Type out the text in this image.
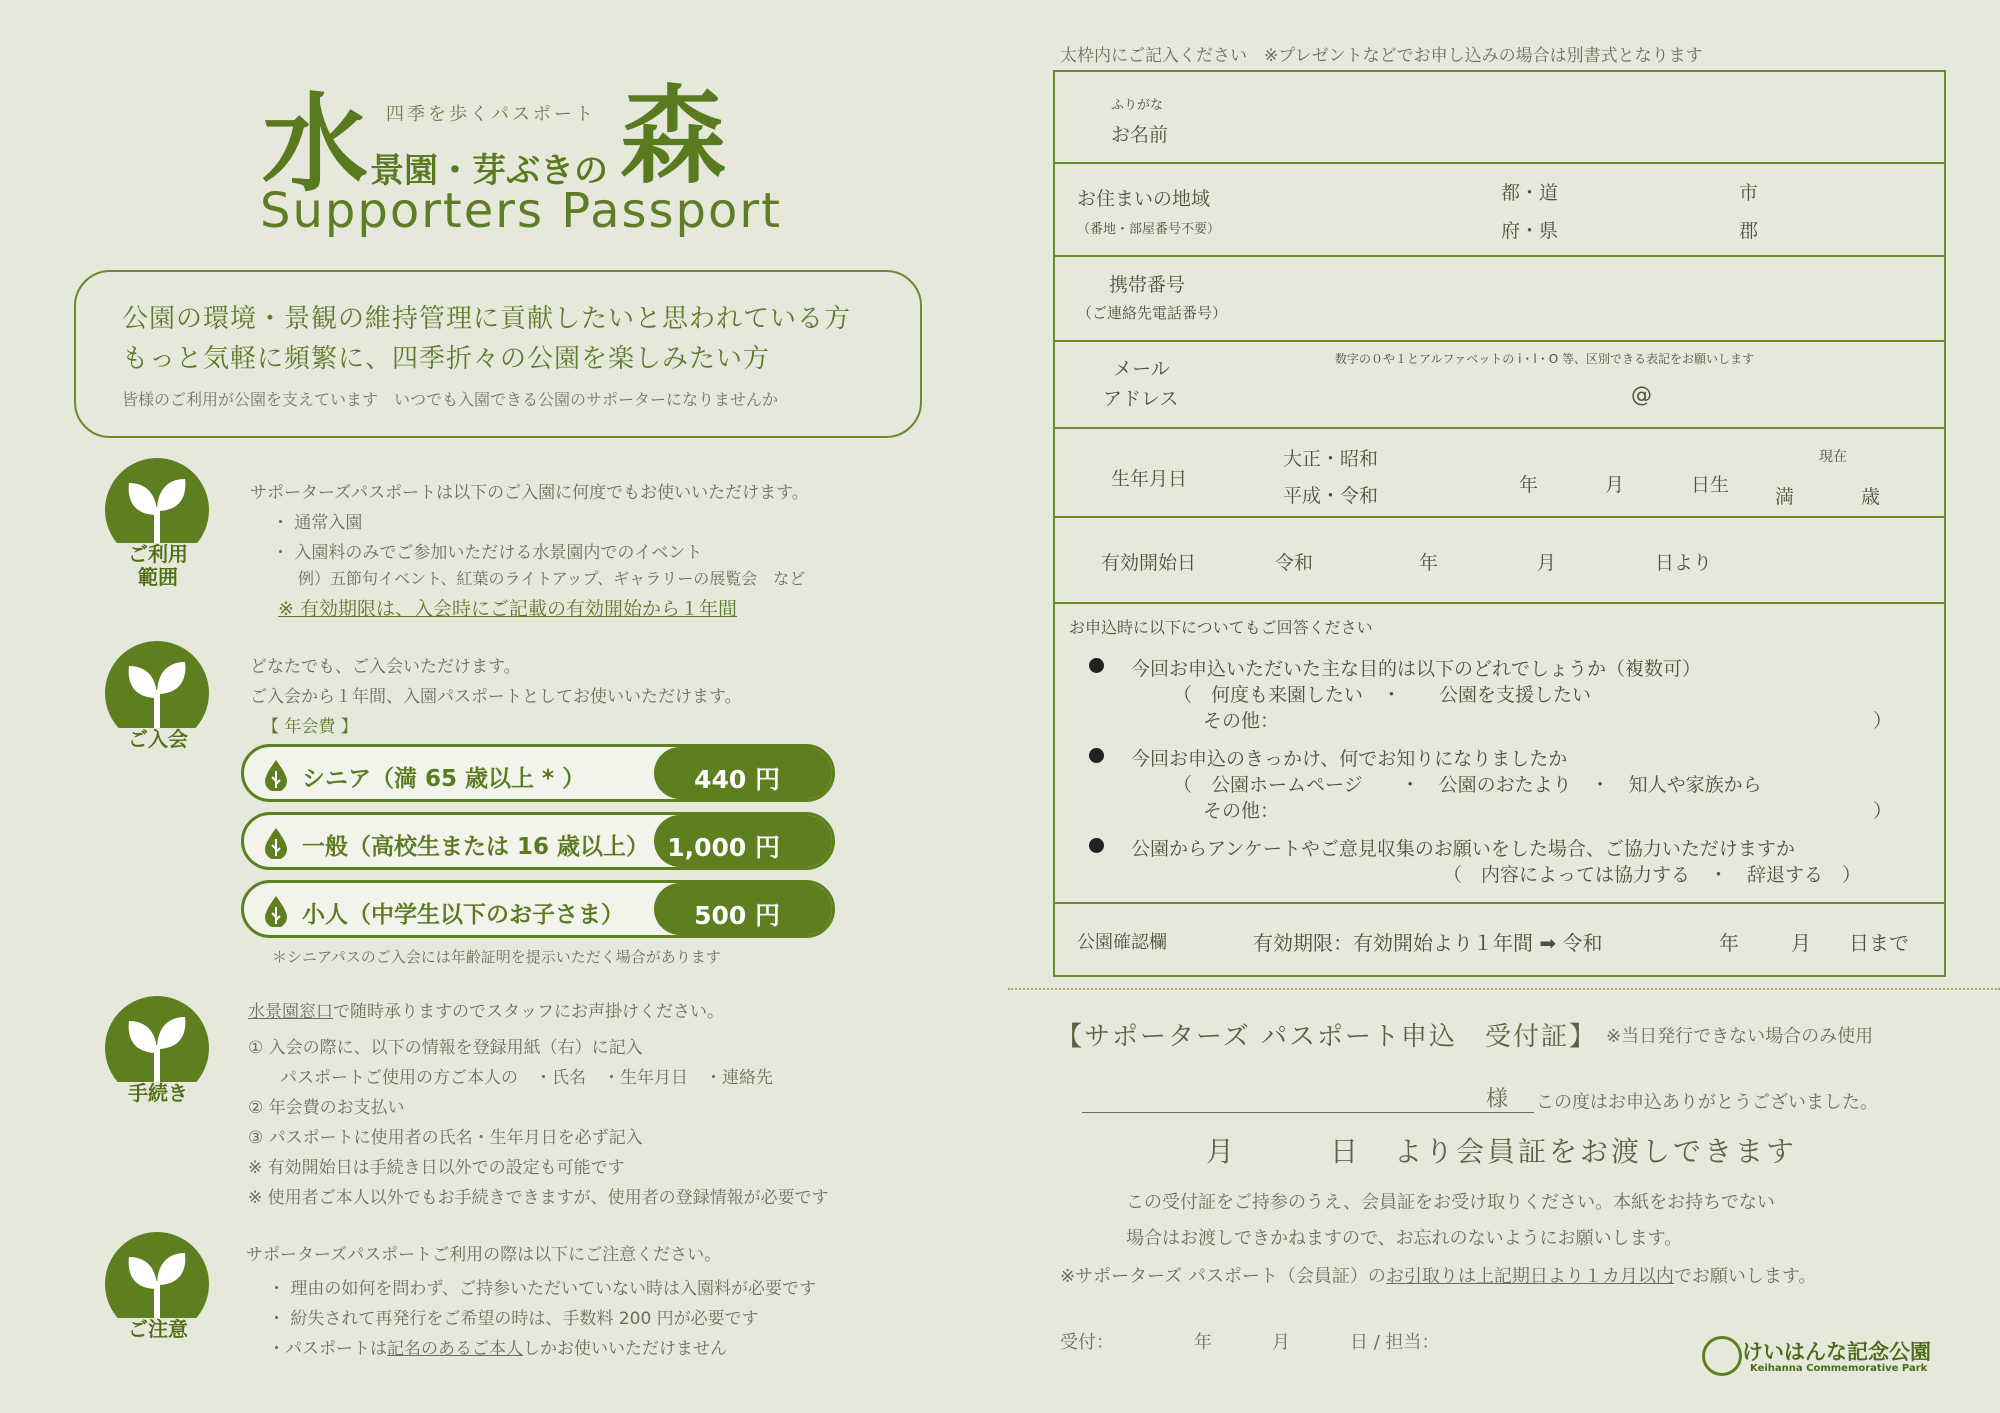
四季を歩くパスポート
水 景園・芽ぶきの 森
Supporters Passport
公園の環境・景観の維持管理に貢献したいと思われている方
もっと気軽に頻繁に、四季折々の公園を楽しみたい方
皆様のご利用が公園を支えています　いつでも入園できる公園のサポーターになりませんか
ご利用
範囲
サポーターズパスポートは以下のご入園に何度でもお使いいただけます。
・ 通常入園
・ 入園料のみでご参加いただける水景園内でのイベント
例）五節句イベント、紅葉のライトアップ、ギャラリーの展覧会　など
※ 有効期限は、入会時にご記載の有効開始から１年間
ご入会
どなたでも、ご入会いただけます。
ご入会から１年間、入園パスポートとしてお使いいただけます。
【 年会費 】
シニア（満 65 歳以上 * ）	440 円
一般（高校生または 16 歳以上） 1,000 円
小人（中学生以下のお子さま）	500 円
＊シニアパスのご入会には年齢証明を提示いただく場合があります
手続き
水景園窓口で随時承りますのでスタッフにお声掛けください。
① 入会の際に、以下の情報を登録用紙（右）に記入
パスポートご使用の方ご本人の　・氏名　・生年月日　・連絡先
② 年会費のお支払い
③ パスポートに使用者の氏名・生年月日を必ず記入
※ 有効開始日は手続き日以外での設定も可能です
※ 使用者ご本人以外でもお手続きできますが、使用者の登録情報が必要です
ご注意
サポーターズパスポートご利用の際は以下にご注意ください。
・ 理由の如何を問わず、ご持参いただいていない時は入園料が必要です
・ 紛失されて再発行をご希望の時は、手数料 200 円が必要です
・パスポートは記名のあるご本人しかお使いいただけません
太枠内にご記入ください　※プレゼントなどでお申し込みの場合は別書式となります
ふりがな
お名前
お住まいの地域
（番地・部屋番号不要）
都・道
府・県
市
郡
携帯番号
（ご連絡先電話番号）
メール
アドレス
数字の０や１とアルファベットの i・l・O 等、区別できる表記をお願いします
@
生年月日
大正・昭和
平成・令和	年	月	日生
現在
満	歳
有効開始日	令和	年	月	日より
お申込時に以下についてもご回答ください
今回お申込いただいた主な目的は以下のどれでしょうか（複数可）
（　何度も来園したい　・　　公園を支援したい
その他：	）
今回お申込のきっかけ、何でお知りになりましたか
（　公園ホームページ　　・　公園のおたより　・　知人や家族から
その他：	）
公園からアンケートやご意見収集のお願いをした場合、ご協力いただけますか
（　内容によっては協力する　・　辞退する　）
公園確認欄	有効期限：有効開始より１年間 ➡ 令和	年	月 日まで
【サポーターズ パスポート申込　受付証】 ※当日発行できない場合のみ使用
様 この度はお申込ありがとうございました。
月	日 より会員証をお渡しできます
この受付証をご持参のうえ、会員証をお受け取りください。本紙をお持ちでない
場合はお渡しできかねますので、お忘れのないようにお願いします。
※サポーターズ パスポート（会員証）のお引取りは上記期日より１カ月以内でお願いします。
受付：	年	月	日 / 担当：	けいはんな記念公園
Keihanna Commemorative Park
